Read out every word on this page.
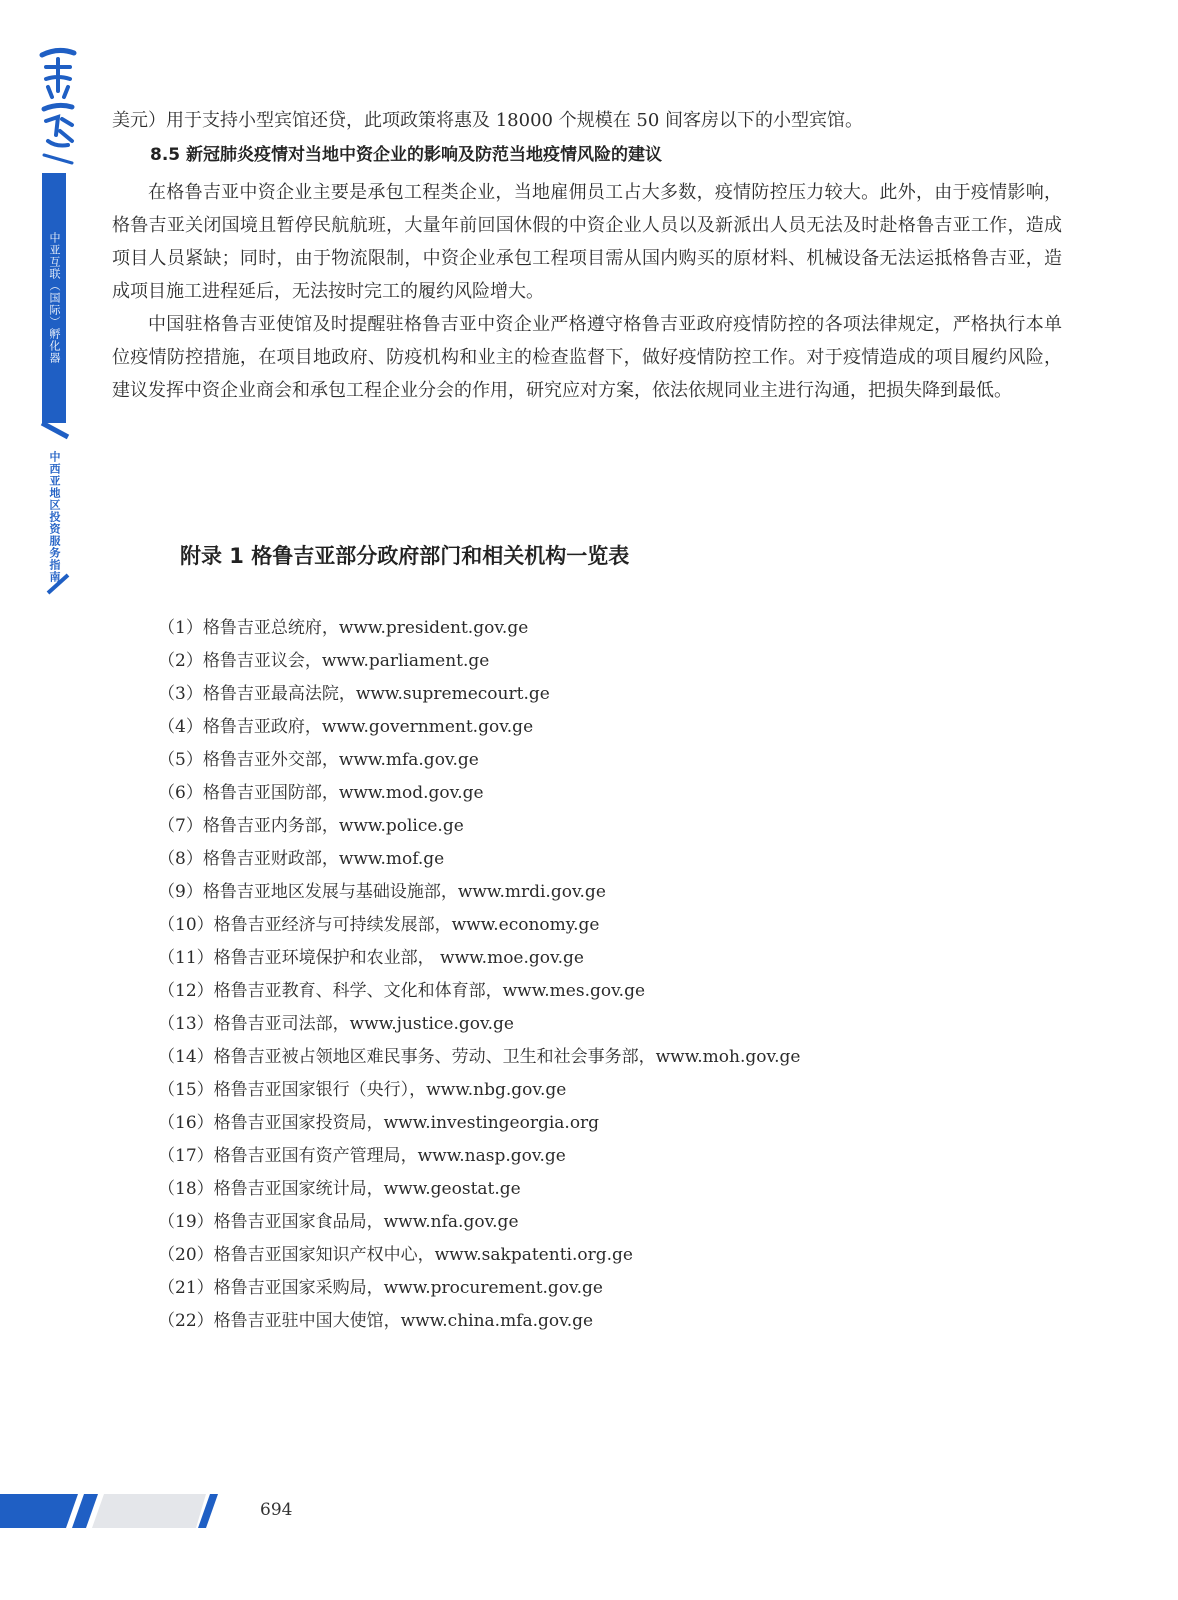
中亚互联（国际）孵化器
中西亚地区投资服务指南

美元）用于支持小型宾馆还贷，此项政策将惠及 18000 个规模在 50 间客房以下的小型宾馆。

8.5 新冠肺炎疫情对当地中资企业的影响及防范当地疫情风险的建议

在格鲁吉亚中资企业主要是承包工程类企业，当地雇佣员工占大多数，疫情防控压力较大。此外，由于疫情影响，格鲁吉亚关闭国境且暂停民航航班，大量年前回国休假的中资企业人员以及新派出人员无法及时赴格鲁吉亚工作，造成项目人员紧缺；同时，由于物流限制，中资企业承包工程项目需从国内购买的原材料、机械设备无法运抵格鲁吉亚，造成项目施工进程延后，无法按时完工的履约风险增大。

中国驻格鲁吉亚使馆及时提醒驻格鲁吉亚中资企业严格遵守格鲁吉亚政府疫情防控的各项法律规定，严格执行本单位疫情防控措施，在项目地政府、防疫机构和业主的检查监督下，做好疫情防控工作。对于疫情造成的项目履约风险，建议发挥中资企业商会和承包工程企业分会的作用，研究应对方案，依法依规同业主进行沟通，把损失降到最低。

附录 1 格鲁吉亚部分政府部门和相关机构一览表
（1）格鲁吉亚总统府，www.president.gov.ge
（2）格鲁吉亚议会，www.parliament.ge
（3）格鲁吉亚最高法院，www.supremecourt.ge
（4）格鲁吉亚政府，www.government.gov.ge
（5）格鲁吉亚外交部，www.mfa.gov.ge
（6）格鲁吉亚国防部，www.mod.gov.ge
（7）格鲁吉亚内务部，www.police.ge
（8）格鲁吉亚财政部，www.mof.ge
（9）格鲁吉亚地区发展与基础设施部，www.mrdi.gov.ge
（10）格鲁吉亚经济与可持续发展部，www.economy.ge
（11）格鲁吉亚环境保护和农业部， www.moe.gov.ge
（12）格鲁吉亚教育、科学、文化和体育部，www.mes.gov.ge
（13）格鲁吉亚司法部，www.justice.gov.ge
（14）格鲁吉亚被占领地区难民事务、劳动、卫生和社会事务部，www.moh.gov.ge
（15）格鲁吉亚国家银行（央行），www.nbg.gov.ge
（16）格鲁吉亚国家投资局，www.investingeorgia.org
（17）格鲁吉亚国有资产管理局，www.nasp.gov.ge
（18）格鲁吉亚国家统计局，www.geostat.ge
（19）格鲁吉亚国家食品局，www.nfa.gov.ge
（20）格鲁吉亚国家知识产权中心，www.sakpatenti.org.ge
（21）格鲁吉亚国家采购局，www.procurement.gov.ge
（22）格鲁吉亚驻中国大使馆，www.china.mfa.gov.ge
694
